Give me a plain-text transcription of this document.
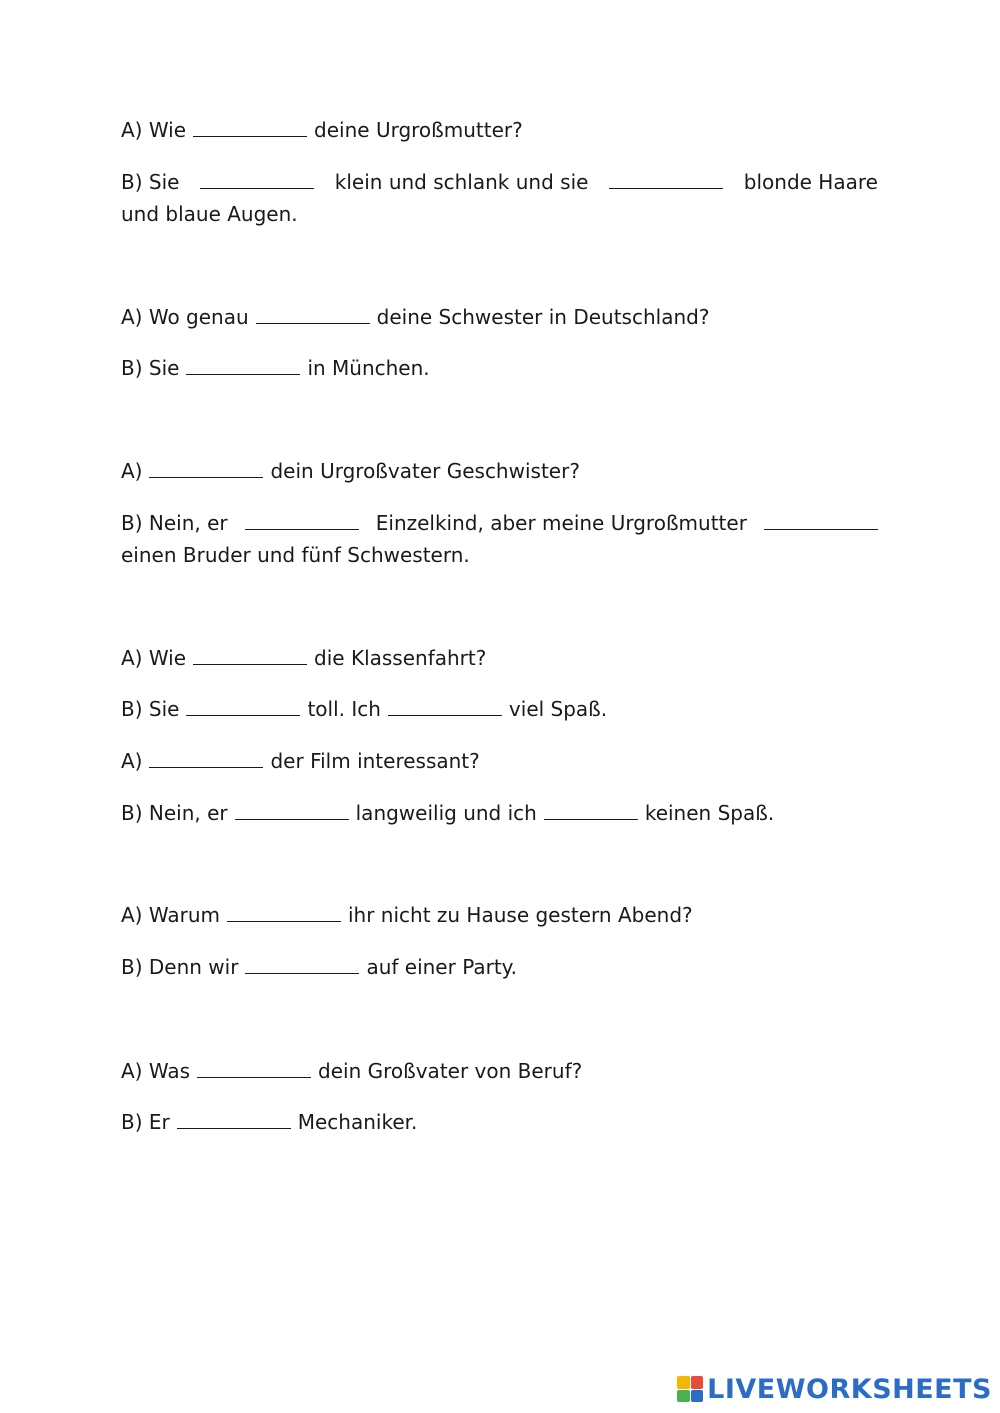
A) Wie	deine Urgroßmutter?
B) Sie	klein und schlank und sie	blonde Haare
und blaue Augen.
A) Wo genau	deine Schwester in Deutschland?
B) Sie	in München.
A)	dein Urgroßvater Geschwister?
B) Nein, er	Einzelkind, aber meine Urgroßmutter
einen Bruder und fünf Schwestern.
A) Wie	die Klassenfahrt?
B) Sie	toll. Ich	viel Spaß.
A)	der Film interessant?
B) Nein, er	langweilig und ich	keinen Spaß.
A) Warum	ihr nicht zu Hause gestern Abend?
B) Denn wir	auf einer Party.
A) Was	dein Großvater von Beruf?
B) Er	Mechaniker.
LIVEWORKSHEETS
